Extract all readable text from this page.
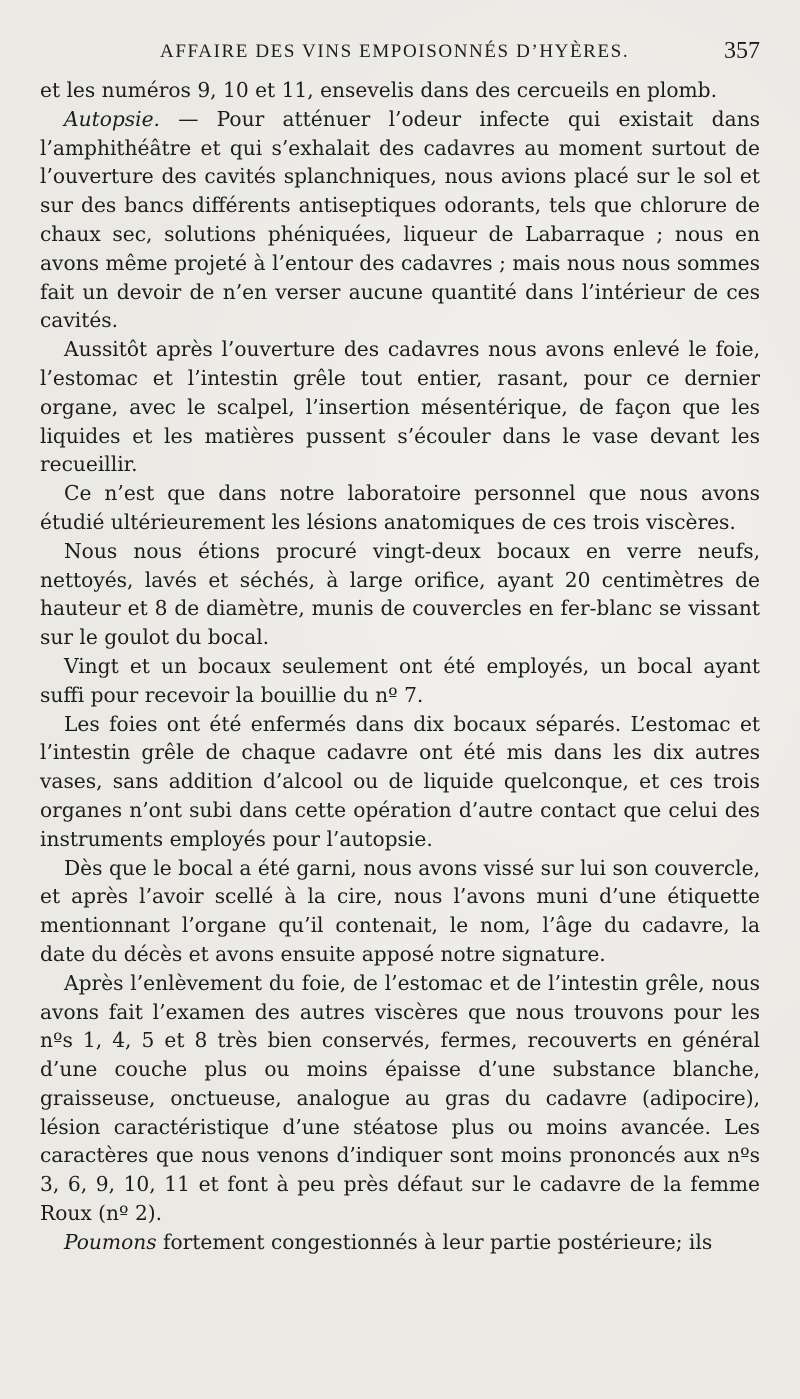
AFFAIRE DES VINS EMPOISONNÉS D’HYÈRES.	357

et les numéros 9, 10 et 11, ensevelis dans des cercueils en plomb.

Autopsie. — Pour atténuer l’odeur infecte qui existait dans l’amphithéâtre et qui s’exhalait des cadavres au moment surtout de l’ouverture des cavités splanchniques, nous avions placé sur le sol et sur des bancs différents antiseptiques odorants, tels que chlorure de chaux sec, solutions phéniquées, liqueur de Labarraque ; nous en avons même projeté à l’entour des cadavres ; mais nous nous sommes fait un devoir de n’en verser aucune quantité dans l’intérieur de ces cavités.

Aussitôt après l’ouverture des cadavres nous avons enlevé le foie, l’estomac et l’intestin grêle tout entier, rasant, pour ce dernier organe, avec le scalpel, l’insertion mésentérique, de façon que les liquides et les matières pussent s’écouler dans le vase devant les recueillir.

Ce n’est que dans notre laboratoire personnel que nous avons étudié ultérieurement les lésions anatomiques de ces trois viscères.

Nous nous étions procuré vingt-deux bocaux en verre neufs, nettoyés, lavés et séchés, à large orifice, ayant 20 centimètres de hauteur et 8 de diamètre, munis de couvercles en fer-blanc se vissant sur le goulot du bocal.

Vingt et un bocaux seulement ont été employés, un bocal ayant suffi pour recevoir la bouillie du nº 7.

Les foies ont été enfermés dans dix bocaux séparés. L’estomac et l’intestin grêle de chaque cadavre ont été mis dans les dix autres vases, sans addition d’alcool ou de liquide quelconque, et ces trois organes n’ont subi dans cette opération d’autre contact que celui des instruments employés pour l’autopsie.

Dès que le bocal a été garni, nous avons vissé sur lui son couvercle, et après l’avoir scellé à la cire, nous l’avons muni d’une étiquette mentionnant l’organe qu’il contenait, le nom, l’âge du cadavre, la date du décès et avons ensuite apposé notre signature.

Après l’enlèvement du foie, de l’estomac et de l’intestin grêle, nous avons fait l’examen des autres viscères que nous trouvons pour les nºs 1, 4, 5 et 8 très bien conservés, fermes, recouverts en général d’une couche plus ou moins épaisse d’une substance blanche, graisseuse, onctueuse, analogue au gras du cadavre (adipocire), lésion caractéristique d’une stéatose plus ou moins avancée. Les caractères que nous venons d’indiquer sont moins prononcés aux nºs 3, 6, 9, 10, 11 et font à peu près défaut sur le cadavre de la femme Roux (nº 2).

Poumons fortement congestionnés à leur partie postérieure; ils
